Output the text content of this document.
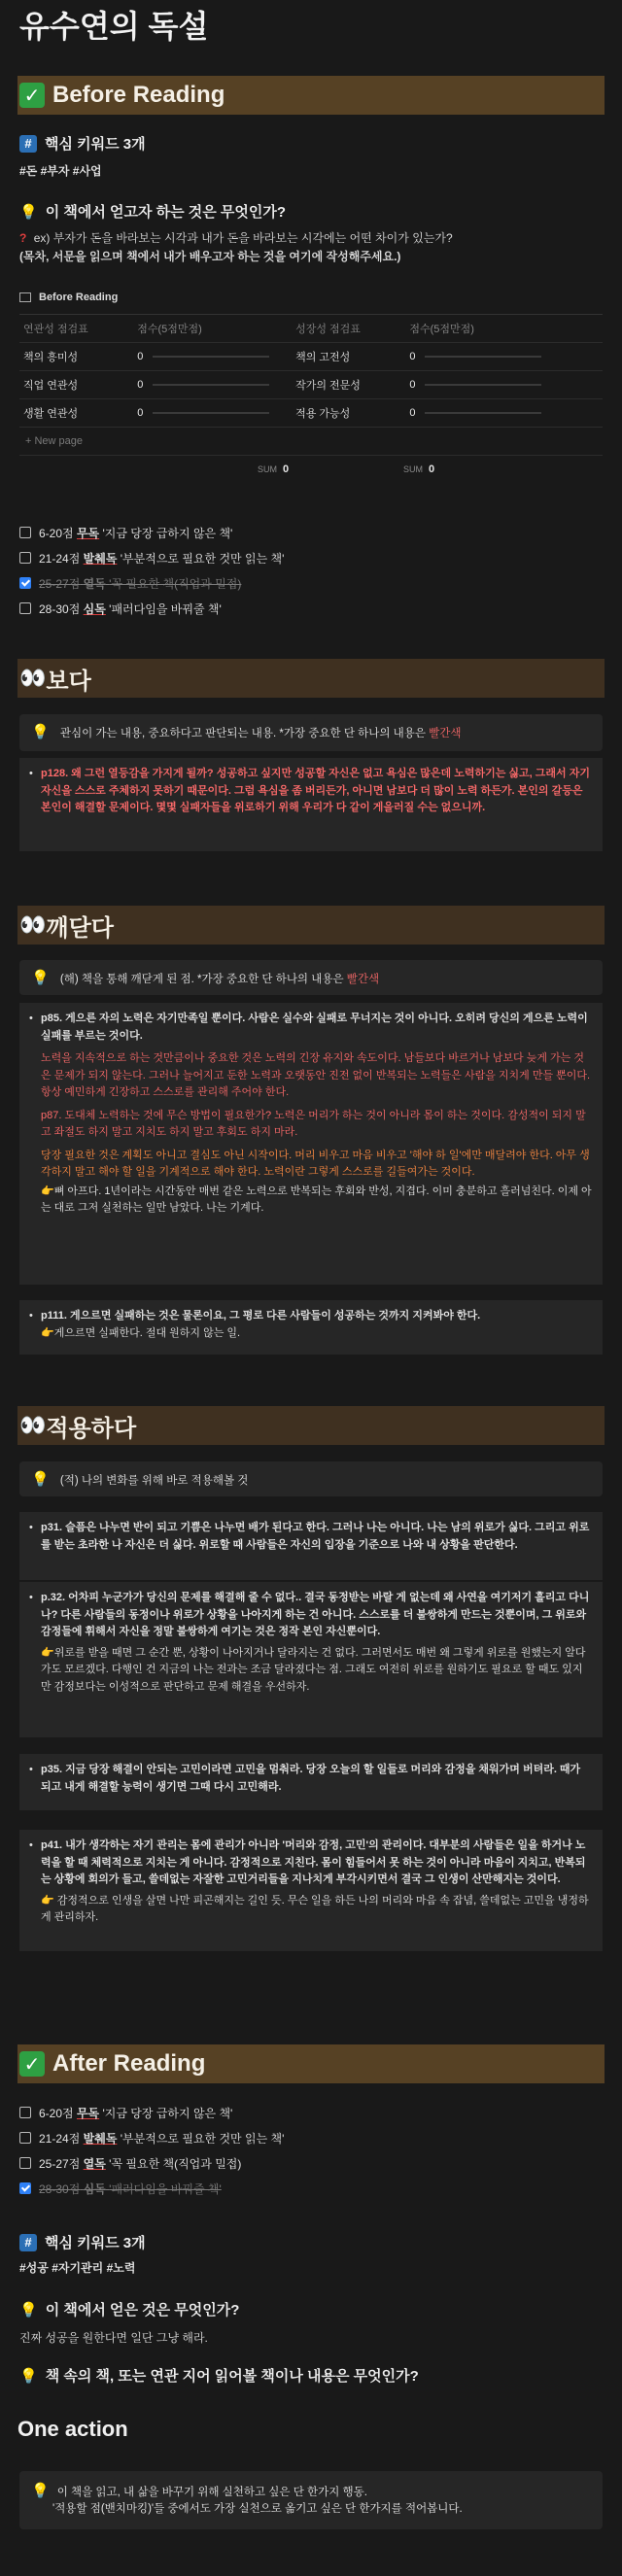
유수연의 독설
✓ Before Reading
# 핵심 키워드 3개
#돈 #부자 #사업
💡 이 책에서 얻고자 하는 것은 무엇인가?
? ex) 부자가 돈을 바라보는 시각과 내가 돈을 바라보는 시각에는 어떤 차이가 있는가?
(목차, 서문을 읽으며 책에서 내가 배우고자 하는 것을 여기에 작성해주세요.)
Before Reading
연관성 점검표	점수(5점만점)	성장성 점검표	점수(5점만점)
책의 흥미성	0	책의 고전성	0
직업 연관성	0	작가의 전문성	0
생활 연관성	0	적용 가능성	0
+ New page
SUM 0	SUM 0
6-20점 무독 '지금 당장 급하지 않은 책'
21-24점 발췌독 '부분적으로 필요한 것만 읽는 책'
25-27점 열독 '꼭 필요한 책(직업과 밀접)
28-30점 심독 '패러다임을 바꿔줄 책'
👀 보다
💡 관심이 가는 내용, 중요하다고 판단되는 내용. *가장 중요한 단 하나의 내용은 빨간색
• p128. 왜 그런 열등감을 가지게 될까? 성공하고 싶지만 성공할 자신은 없고 욕심은 많은데 노력하기는 싫고, 그래서 자기 자신을 스스로 주체하지 못하기 때문이다. 그럼 욕심을 좀 버리든가, 아니면 남보다 더 많이 노력 하든가. 본인의 갈등은 본인이 해결할 문제이다. 몇몇 실패자들을 위로하기 위해 우리가 다 같이 게을러질 수는 없으니까.

👀 깨닫다
💡 (해) 책을 통해 깨닫게 된 점. *가장 중요한 단 하나의 내용은 빨간색
• p85. 게으른 자의 노력은 자기만족일 뿐이다. 사람은 실수와 실패로 무너지는 것이 아니다. 오히려 당신의 게으른 노력이 실패를 부르는 것이다.

노력을 지속적으로 하는 것만큼이나 중요한 것은 노력의 긴장 유지와 속도이다. 남들보다 바르거나 남보다 늦게 가는 것은 문제가 되지 않는다. 그러나 늘어지고 둔한 노력과 오랫동안 진전 없이 반복되는 노력들은 사람을 지치게 만들 뿐이다. 항상 예민하게 긴장하고 스스로를 관리해 주어야 한다.

p87. 도대체 노력하는 것에 무슨 방법이 필요한가? 노력은 머리가 하는 것이 아니라 몸이 하는 것이다. 감성적이 되지 말고 좌절도 하지 말고 지치도 하지 말고 후회도 하지 마라.

당장 필요한 것은 계획도 아니고 결심도 아닌 시작이다. 머리 비우고 마음 비우고 '해야 하 일'에만 매달려야 한다. 아무 생각하지 말고 해야 할 일을 기계적으로 해야 한다. 노력이란 그렇게 스스로를 길들여가는 것이다.

👉뼈 아프다. 1년이라는 시간동안 매번 같은 노력으로 반복되는 후회와 반성, 지겹다. 이미 충분하고 흘러넘친다. 이제 아는 대로 그저 실천하는 일만 남았다. 나는 기계다.

• p111. 게으르면 실패하는 것은 물론이요, 그 평로 다른 사람들이 성공하는 것까지 지켜봐야 한다.

👉게으르면 실패한다. 절대 원하지 않는 일.

👀 적용하다
💡 (적) 나의 변화를 위해 바로 적용해볼 것
• p31. 슬픔은 나누면 반이 되고 기쁨은 나누면 배가 된다고 한다. 그러나 나는 아니다. 나는 남의 위로가 싫다. 그리고 위로를 받는 초라한 나 자신은 더 싫다. 위로할 때 사람들은 자신의 입장을 기준으로 나와 내 상황을 판단한다.

• p.32. 어차피 누군가가 당신의 문제를 해결해 줄 수 없다.. 결국 동정받는 바랄 게 없는데 왜 사연을 여기저기 흘리고 다니나? 다른 사람들의 동정이나 위로가 상황을 나아지게 하는 건 아니다. 스스로를 더 불쌍하게 만드는 것뿐이며, 그 위로와 감정들에 휘해서 자신을 정말 불쌍하게 여기는 것은 정작 본인 자신뿐이다.

👉위로를 받을 때면 그 순간 뿐, 상황이 나아지거나 달라지는 건 없다. 그러면서도 매번 왜 그렇게 위로를 원했는지 알다가도 모르겠다. 다행인 건 지금의 나는 전과는 조금 달라졌다는 점. 그래도 여전히 위로를 원하기도 필요로 할 때도 있지만 감정보다는 이성적으로 판단하고 문제 해결을 우선하자.

• p35. 지금 당장 해결이 안되는 고민이라면 고민을 멈춰라. 당장 오늘의 할 일들로 머리와 감정을 채워가며 버텨라. 때가 되고 내게 해결할 능력이 생기면 그때 다시 고민해라.

• p41. 내가 생각하는 자기 관리는 몸에 관리가 아니라 '머리와 감정, 고민'의 관리이다. 대부분의 사람들은 일을 하거나 노력을 할 때 체력적으로 지치는 게 아니다. 감정적으로 지친다. 몸이 힘들어서 못 하는 것이 아니라 마음이 지치고, 반복되는 상황에 회의가 들고, 쓸데없는 자잘한 고민거리들을 지나치게 부각시키면서 결국 그 인생이 산만해지는 것이다.

👉 감정적으로 인생을 살면 나만 피곤해지는 길인 듯. 무슨 일을 하든 나의 머리와 마음 속 잡념, 쓸데없는 고민을 냉정하게 관리하자.

✓ After Reading
6-20점 무독 '지금 당장 급하지 않은 책'
21-24점 발췌독 '부분적으로 필요한 것만 읽는 책'
25-27점 열독 '꼭 필요한 책(직업과 밀접)
28-30점 심독 '패러다임을 바꿔줄 책'
# 핵심 키워드 3개
#성공 #자기관리 #노력
💡 이 책에서 얻은 것은 무엇인가?
진짜 성공을 원한다면 일단 그냥 해라.
💡 책 속의 책, 또는 연관 지어 읽어볼 책이나 내용은 무엇인가?
One action
💡 이 책을 읽고, 내 삶을 바꾸기 위해 실천하고 싶은 단 한가지 행동.
'적용할 점(밴치마킹)'들 중에서도 가장 실천으로 옮기고 싶은 단 한가지를 적어봅니다.
